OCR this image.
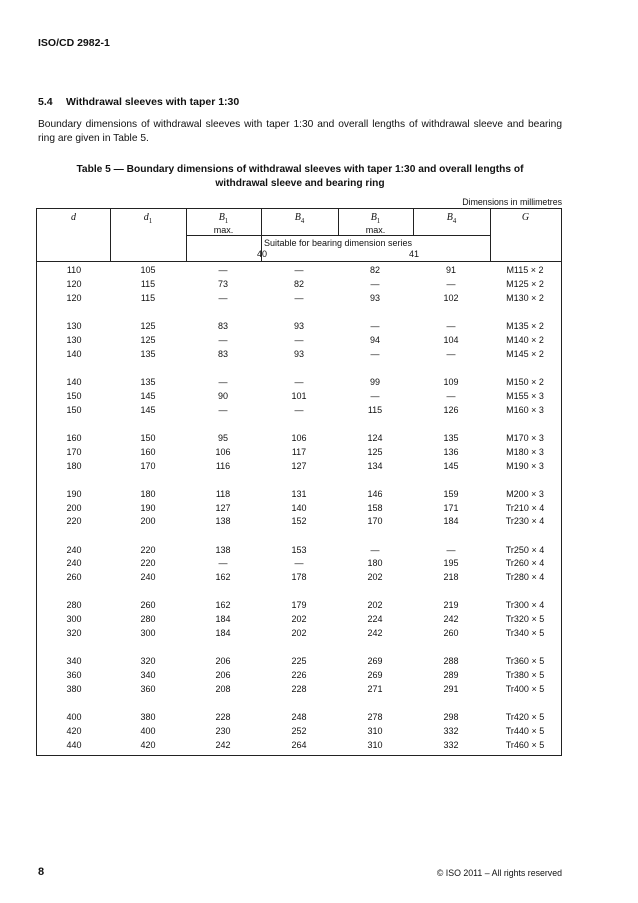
ISO/CD 2982-1
5.4 Withdrawal sleeves with taper 1:30
Boundary dimensions of withdrawal sleeves with taper 1:30 and overall lengths of withdrawal sleeve and bearing ring are given in Table 5.
Table 5 — Boundary dimensions of withdrawal sleeves with taper 1:30 and overall lengths of
withdrawal sleeve and bearing ring
Dimensions in millimetres
d	$d_1$	$B_1$	$B_4$	$B_1$	$B_4$	G
max.	max.
Suitable for bearing dimension series
40	41
110	105	—	—	82	91	M115 × 2
120	115	73	82	—	—	M125 × 2
120	115	—	—	93	102	M130 × 2
130	125	83	93	—	—	M135 × 2
130	125	—	—	94	104	M140 × 2
140	135	83	93	—	—	M145 × 2
140	135	—	—	99	109	M150 × 2
150	145	90	101	—	—	M155 × 3
150	145	—	—	115	126	M160 × 3
160	150	95	106	124	135	M170 × 3
170	160	106	117	125	136	M180 × 3
180	170	116	127	134	145	M190 × 3
190	180	118	131	146	159	M200 × 3
200	190	127	140	158	171	Tr210 × 4
220	200	138	152	170	184	Tr230 × 4
240	220	138	153	—	—	Tr250 × 4
240	220	—	—	180	195	Tr260 × 4
260	240	162	178	202	218	Tr280 × 4
280	260	162	179	202	219	Tr300 × 4
300	280	184	202	224	242	Tr320 × 5
320	300	184	202	242	260	Tr340 × 5
340	320	206	225	269	288	Tr360 × 5
360	340	206	226	269	289	Tr380 × 5
380	360	208	228	271	291	Tr400 × 5
400	380	228	248	278	298	Tr420 × 5
420	400	230	252	310	332	Tr440 × 5
440	420	242	264	310	332	Tr460 × 5
8	© ISO 2011 – All rights reserved
